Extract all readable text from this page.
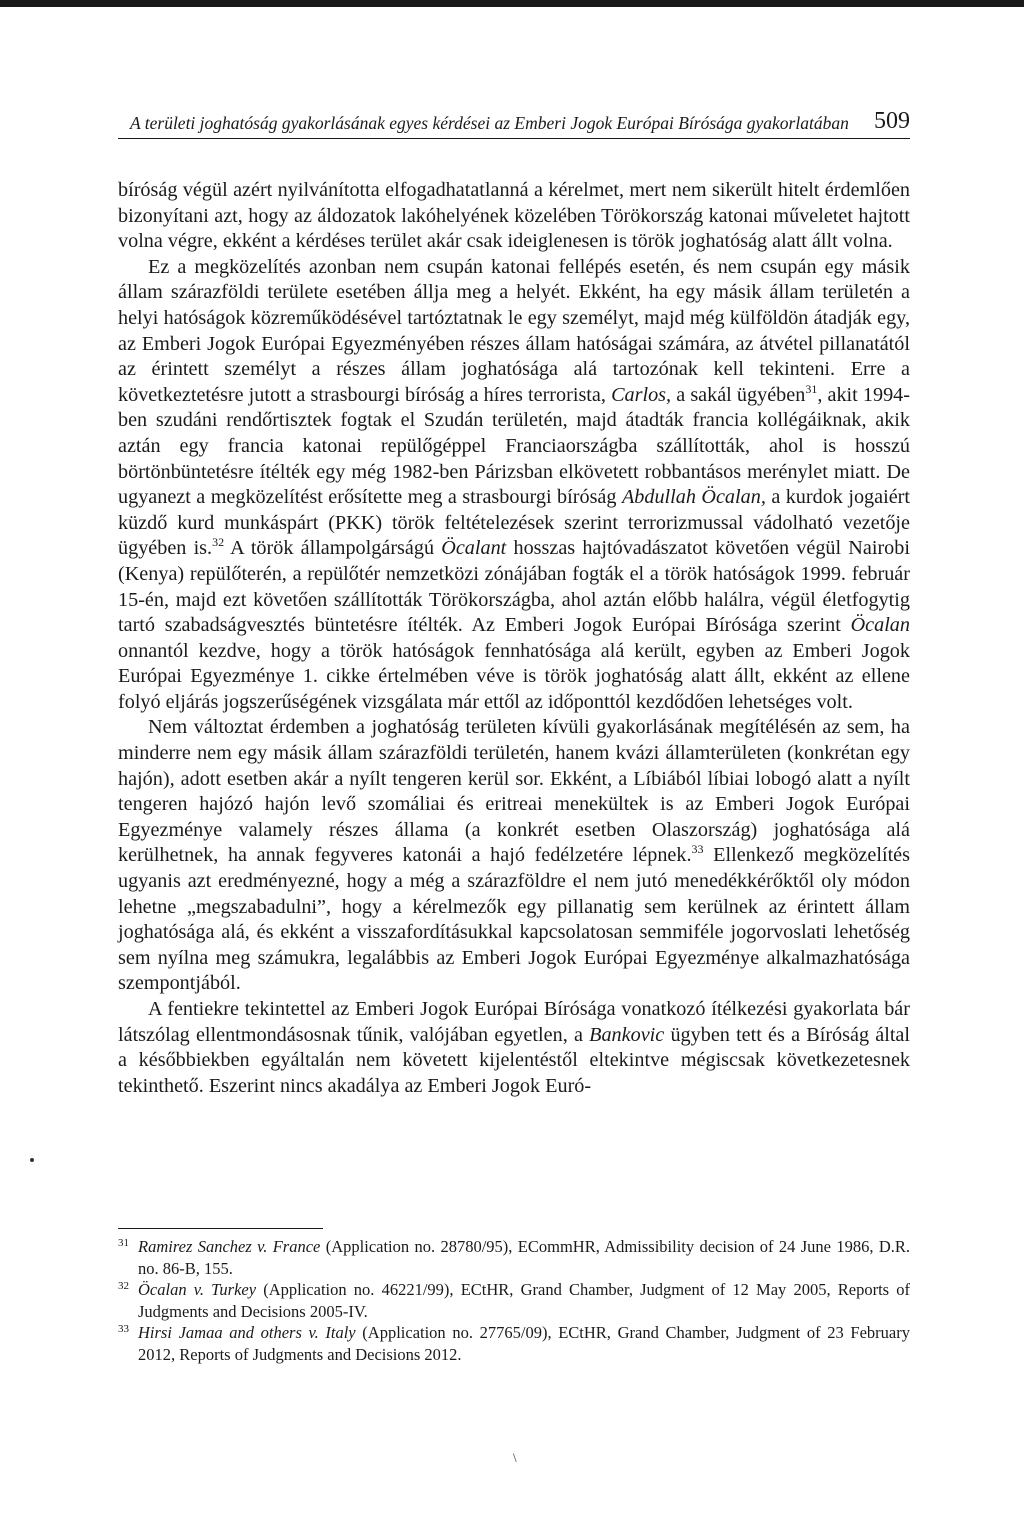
A területi joghatóság gyakorlásának egyes kérdései az Emberi Jogok Európai Bírósága gyakorlatában 509

bíróság végül azért nyilvánította elfogadhatatlanná a kérelmet, mert nem sikerült hitelt érdemlően bizonyítani azt, hogy az áldozatok lakóhelyének közelében Törökország katonai műveletet hajtott volna végre, ekként a kérdéses terület akár csak ideiglenesen is török joghatóság alatt állt volna.

Ez a megközelítés azonban nem csupán katonai fellépés esetén, és nem csupán egy másik állam szárazföldi területe esetében állja meg a helyét. Ekként, ha egy másik állam területén a helyi hatóságok közreműködésével tartóztatnak le egy személyt, majd még külföldön átadják egy, az Emberi Jogok Európai Egyezményében részes állam hatóságai számára, az átvétel pillanatától az érintett személyt a részes állam joghatósága alá tartozónak kell tekinteni. Erre a következtetésre jutott a strasbourgi bíróság a híres terrorista, Carlos, a sakál ügyében$^{31}$, akit 1994-ben szudáni rendőrtisztek fogtak el Szudán területén, majd átadták francia kollégáiknak, akik aztán egy francia katonai repülőgéppel Franciaországba szállították, ahol is hosszú börtönbüntetésre ítélték egy még 1982-ben Párizsban elkövetett robbantásos merénylet miatt. De ugyanezt a megközelítést erősítette meg a strasbourgi bíróság Abdullah Öcalan, a kurdok jogaiért küzdő kurd munkáspárt (PKK) török feltételezések szerint terrorizmussal vádolható vezetője ügyében is.$^{32}$ A török állampolgárságú Öcalant hosszas hajtóvadászatot követően végül Nairobi (Kenya) repülőterén, a repülőtér nemzetközi zónájában fogták el a török hatóságok 1999. február 15-én, majd ezt követően szállították Törökországba, ahol aztán előbb halálra, végül életfogytig tartó szabadságvesztés büntetésre ítélték. Az Emberi Jogok Európai Bírósága szerint Öcalan onnantól kezdve, hogy a török hatóságok fennhatósága alá került, egyben az Emberi Jogok Európai Egyezménye 1. cikke értelmében véve is török joghatóság alatt állt, ekként az ellene folyó eljárás jogszerűségének vizsgálata már ettől az időponttól kezdődően lehetséges volt.

Nem változtat érdemben a joghatóság területen kívüli gyakorlásának megítélésén az sem, ha minderre nem egy másik állam szárazföldi területén, hanem kvázi államterületen (konkrétan egy hajón), adott esetben akár a nyílt tengeren kerül sor. Ekként, a Líbiából líbiai lobogó alatt a nyílt tengeren hajózó hajón levő szomáliai és eritreai menekültek is az Emberi Jogok Európai Egyezménye valamely részes állama (a konkrét esetben Olaszország) joghatósága alá kerülhetnek, ha annak fegyveres katonái a hajó fedélzetére lépnek.$^{33}$ Ellenkező megközelítés ugyanis azt eredményezné, hogy a még a szárazföldre el nem jutó menedékkérőktől oly módon lehetne „megszabadulni”, hogy a kérelmezők egy pillanatig sem kerülnek az érintett állam joghatósága alá, és ekként a visszafordításukkal kapcsolatosan semmiféle jogorvoslati lehetőség sem nyílna meg számukra, legalábbis az Emberi Jogok Európai Egyezménye alkalmazhatósága szempontjából.

A fentiekre tekintettel az Emberi Jogok Európai Bírósága vonatkozó ítélkezési gyakorlata bár látszólag ellentmondásosnak tűnik, valójában egyetlen, a Bankovic ügyben tett és a Bíróság által a későbbiekben egyáltalán nem követett kijelentéstől eltekintve mégiscsak következetesnek tekinthető. Eszerint nincs akadálya az Emberi Jogok Euró-

31 Ramirez Sanchez v. France (Application no. 28780/95), ECommHR, Admissibility decision of 24 June 1986, D.R. no. 86-B, 155.

32 Öcalan v. Turkey (Application no. 46221/99), ECtHR, Grand Chamber, Judgment of 12 May 2005, Reports of Judgments and Decisions 2005-IV.

33 Hirsi Jamaa and others v. Italy (Application no. 27765/09), ECtHR, Grand Chamber, Judgment of 23 February 2012, Reports of Judgments and Decisions 2012.

\
